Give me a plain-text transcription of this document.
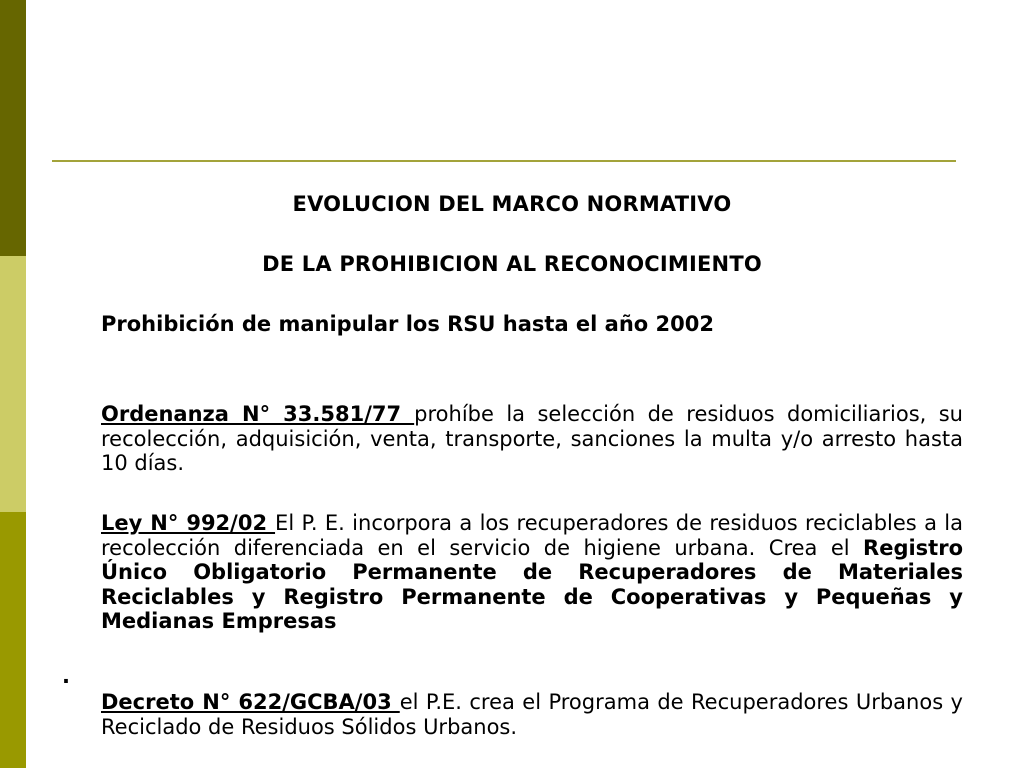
EVOLUCION DEL MARCO NORMATIVO
DE LA PROHIBICION AL RECONOCIMIENTO
Prohibición de manipular los RSU hasta el año 2002
Ordenanza N° 33.581/77 prohíbe la selección de residuos domiciliarios, su recolección, adquisición, venta, transporte, sanciones la multa y/o arresto hasta 10 días.
Ley N° 992/02 El P. E. incorpora a los recuperadores de residuos reciclables a la recolección diferenciada en el servicio de higiene urbana. Crea el Registro Único Obligatorio Permanente de Recuperadores de Materiales Reciclables y Registro Permanente de Cooperativas y Pequeñas y Medianas Empresas
.
Decreto N° 622/GCBA/03 el P.E. crea el Programa de Recuperadores Urbanos y Reciclado de Residuos Sólidos Urbanos.
